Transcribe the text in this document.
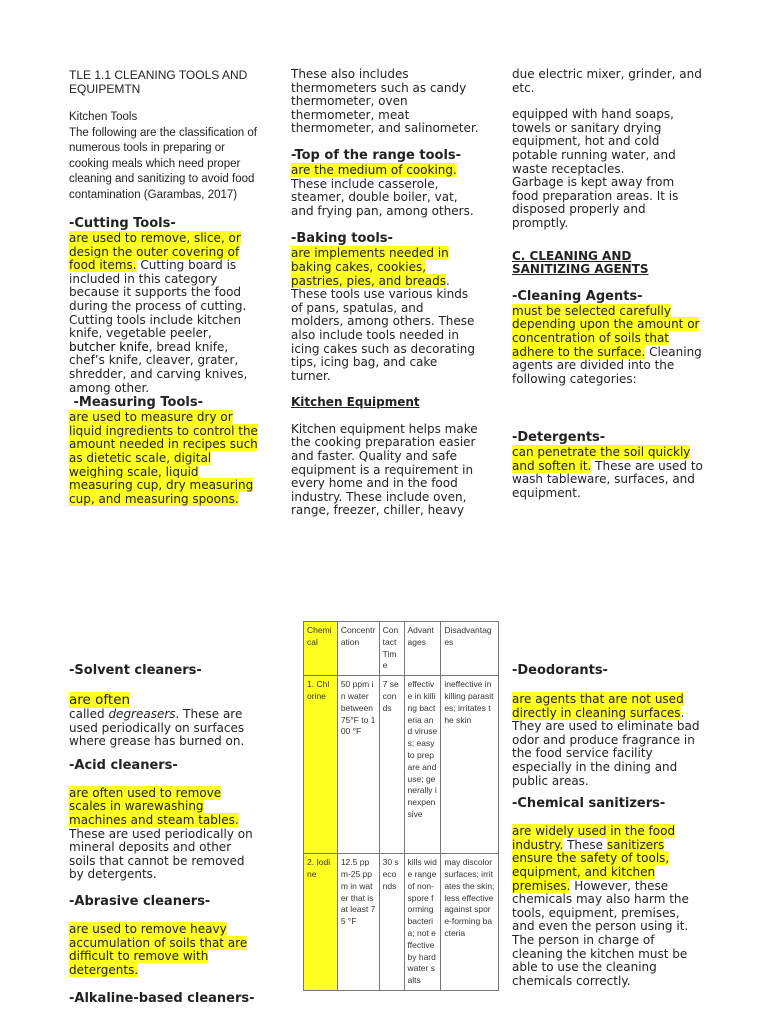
TLE 1.1 CLEANING TOOLS AND EQUIPEMTN

Kitchen Tools

The following are the classification of numerous tools in preparing or cooking meals which need proper cleaning and sanitizing to avoid food contamination (Garambas, 2017)

-Cutting Tools-

are used to remove, slice, or design the outer covering of food items. Cutting board is included in this category because it supports the food during the process of cutting. Cutting tools include kitchen knife, vegetable peeler, butcher knife, bread knife, chef’s knife, cleaver, grater, shredder, and carving knives, among other.

-Measuring Tools-

are used to measure dry or liquid ingredients to control the amount needed in recipes such as dietetic scale, digital weighing scale, liquid measuring cup, dry measuring cup, and measuring spoons.

These also includes thermometers such as candy thermometer, oven thermometer, meat thermometer, and salinometer.

-Top of the range tools-

are the medium of cooking. These include casserole, steamer, double boiler, vat, and frying pan, among others.

-Baking tools-

are implements needed in baking cakes, cookies, pastries, pies, and breads. These tools use various kinds of pans, spatulas, and molders, among others. These also include tools needed in icing cakes such as decorating tips, icing bag, and cake turner.

Kitchen Equipment

Kitchen equipment helps make the cooking preparation easier and faster. Quality and safe equipment is a requirement in every home and in the food industry. These include oven, range, freezer, chiller, heavy

due electric mixer, grinder, and etc.

equipped with hand soaps, towels or sanitary drying equipment, hot and cold potable running water, and waste receptacles.

Garbage is kept away from food preparation areas. It is disposed properly and promptly.

C. CLEANING AND SANITIZING AGENTS

-Cleaning Agents-

must be selected carefully depending upon the amount or concentration of soils that adhere to the surface. Cleaning agents are divided into the following categories:

-Detergents-

can penetrate the soil quickly and soften it. These are used to wash tableware, surfaces, and equipment.

-Solvent cleaners-

are often

called degreasers. These are used periodically on surfaces where grease has burned on.

-Acid cleaners-

are often used to remove scales in warewashing machines and steam tables. These are used periodically on mineral deposits and other soils that cannot be removed by detergents.

-Abrasive cleaners-

are used to remove heavy accumulation of soils that are difficult to remove with detergents.

-Alkaline-based cleaners-
Chemical	Concentration	Contact Time	Advantages	Disadvantages
1. Chlorine	50 ppm in water between 75°F to 100 °F	7 seconds	effective in killing bacteria and viruses; easy to prepare and use; generally inexpensive	ineffective in killing parasites; irritates the skin
2. Iodine	12.5 ppm-25 ppm in water that is at least 75 °F	30 seconds	kills wide range of non-spore forming bacteria; not effective by hard water salts	may discolor surfaces; irritates the skin; less effective against spore-forming bacteria
-Deodorants-

are agents that are not used directly in cleaning surfaces. They are used to eliminate bad odor and produce fragrance in the food service facility especially in the dining and public areas.

-Chemical sanitizers-

are widely used in the food industry. These sanitizers ensure the safety of tools, equipment, and kitchen premises. However, these chemicals may also harm the tools, equipment, premises, and even the person using it. The person in charge of cleaning the kitchen must be able to use the cleaning chemicals correctly.
